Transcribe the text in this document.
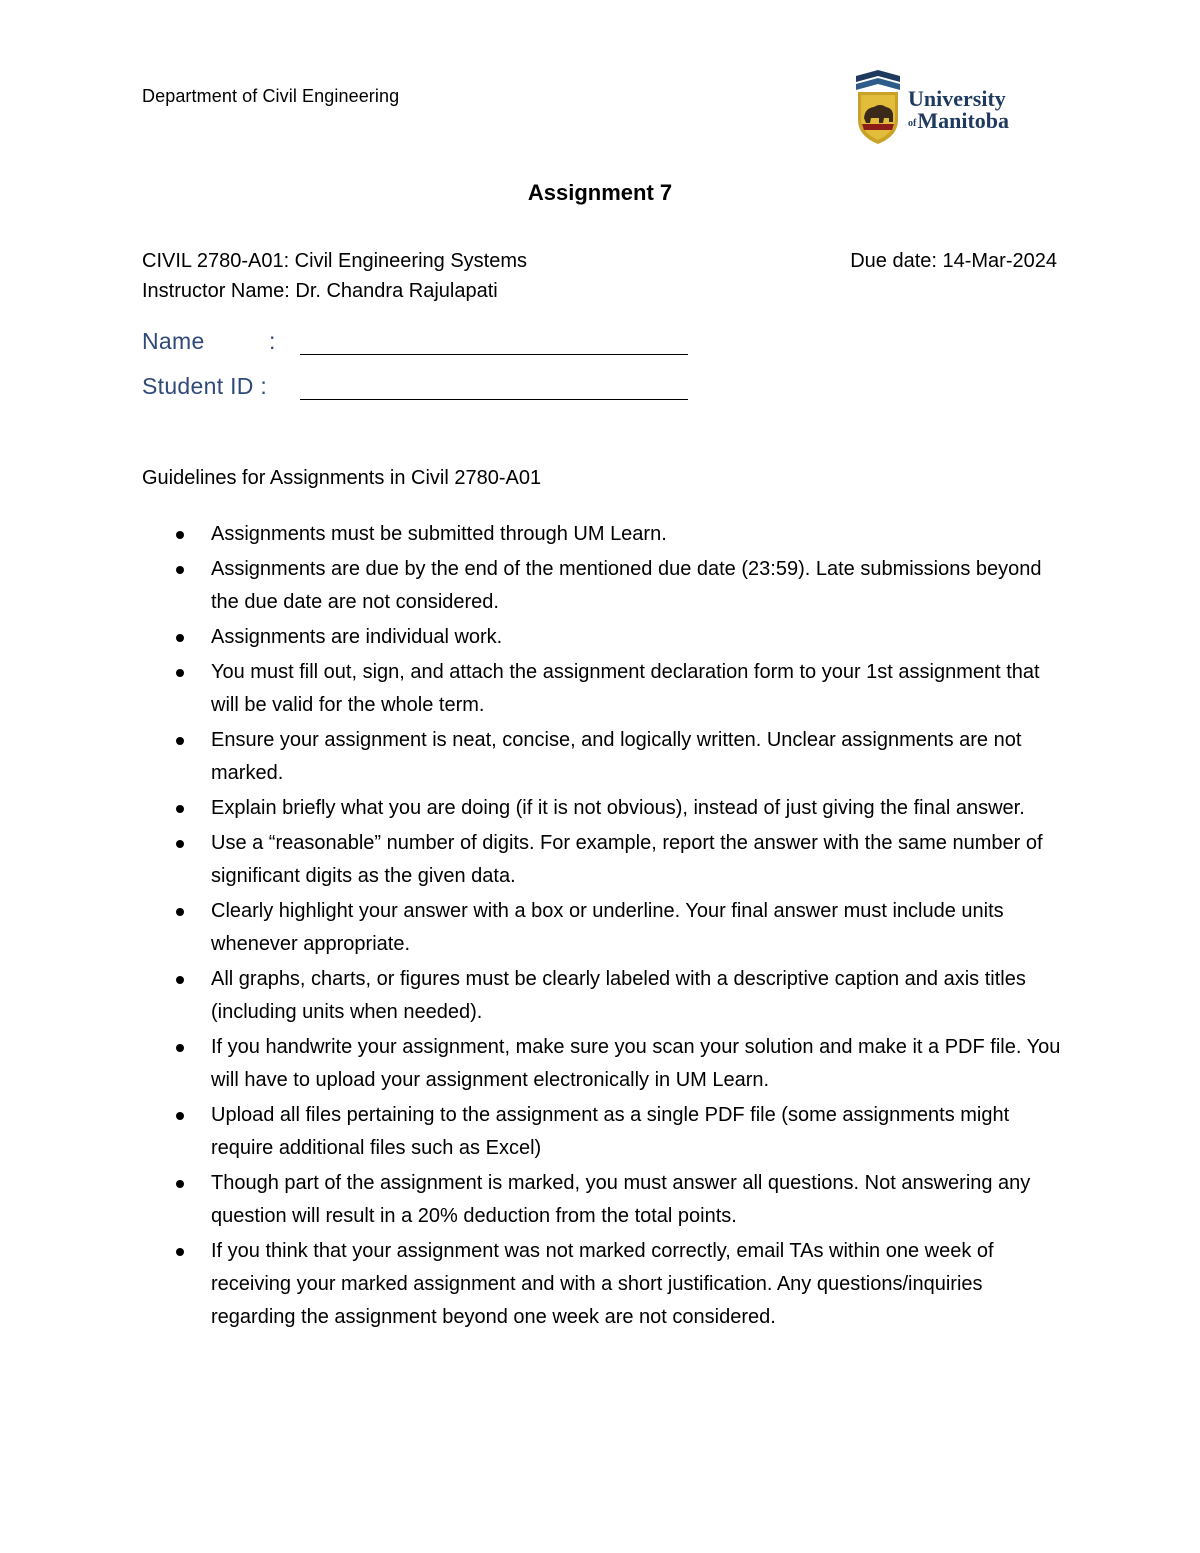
Department of Civil Engineering	University
ofManitoba
Assignment 7
CIVIL 2780-A01: Civil Engineering Systems
Instructor Name: Dr. Chandra Rajulapati
Due date: 14-Mar-2024
Name	:
Student ID :
Guidelines for Assignments in Civil 2780-A01
Assignments must be submitted through UM Learn.
Assignments are due by the end of the mentioned due date (23:59). Late submissions beyond the due date are not considered.
Assignments are individual work.
You must fill out, sign, and attach the assignment declaration form to your 1st assignment that will be valid for the whole term.
Ensure your assignment is neat, concise, and logically written. Unclear assignments are not marked.
Explain briefly what you are doing (if it is not obvious), instead of just giving the final answer.
Use a “reasonable” number of digits. For example, report the answer with the same number of significant digits as the given data.
Clearly highlight your answer with a box or underline. Your final answer must include units whenever appropriate.
All graphs, charts, or figures must be clearly labeled with a descriptive caption and axis titles (including units when needed).
If you handwrite your assignment, make sure you scan your solution and make it a PDF file. You will have to upload your assignment electronically in UM Learn.
Upload all files pertaining to the assignment as a single PDF file (some assignments might require additional files such as Excel)
Though part of the assignment is marked, you must answer all questions. Not answering any question will result in a 20% deduction from the total points.
If you think that your assignment was not marked correctly, email TAs within one week of receiving your marked assignment and with a short justification. Any questions/inquiries regarding the assignment beyond one week are not considered.
